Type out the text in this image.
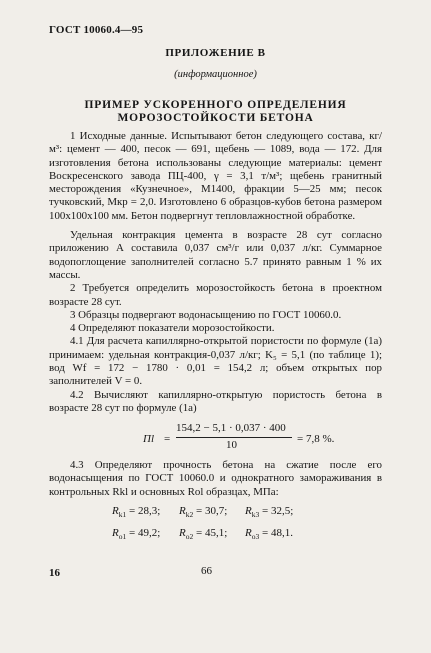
ГОСТ 10060.4—95
ПРИЛОЖЕНИЕ В
(информационное)
ПРИМЕР УСКОРЕННОГО ОПРЕДЕЛЕНИЯ
МОРОЗОСТОЙКОСТИ БЕТОНА

1 Исходные данные. Испытывают бетон следующего состава, кг/м³: цемент — 400, песок — 691, щебень — 1089, вода — 172. Для изготовления бетона использованы следующие материалы: цемент Воскресенского завода ПЦ-400, γ = 3,1 т/м³; щебень гранитный месторождения «Кузнечное», М1400, фракции 5—25 мм; песок тучковский, Mкр = 2,0. Изготовлено 6 образцов-кубов бетона размером 100x100x100 мм. Бетон подвергнут тепловлажностной обработке.

Удельная контракция цемента в возрасте 28 сут согласно приложению А составила 0,037 см³/г или 0,037 л/кг. Суммарное водопоглощение заполнителей согласно 5.7 принято равным 1 % их массы.

2 Требуется определить морозостойкость бетона в проектном возрасте 28 сут.

3 Образцы подвергают водонасыщению по ГОСТ 10060.0.

4 Определяют показатели морозостойкости.

4.1 Для расчета капиллярно-открытой пористости по формуле (1а) принимаем: удельная контракция-0,037 л/кг; K₅ = 5,1 (по таблице 1); вод Wf = 172 − 1780 · 0,01 = 154,2 л; объем открытых пор заполнителей V = 0.

4.2 Вычисляют капиллярно-открытую пористость бетона в возрасте 28 сут по формуле (1а)

Пl =
154,2 − 5,1 · 0,037 · 400
10	= 7,8 %.
16	66

4.3 Определяют прочность бетона на сжатие после его водонасыщения по ГОСТ 10060.0 и однократного замораживания в контрольных Rkl и основных Rol образцах, МПа:

$R_{k1} = 28,3$; $R_{k2} = 30,7$; $R_{k3} = 32,5$;
$R_{o1} = 49,2$; $R_{o2} = 45,1$; $R_{o3} = 48,1$.
